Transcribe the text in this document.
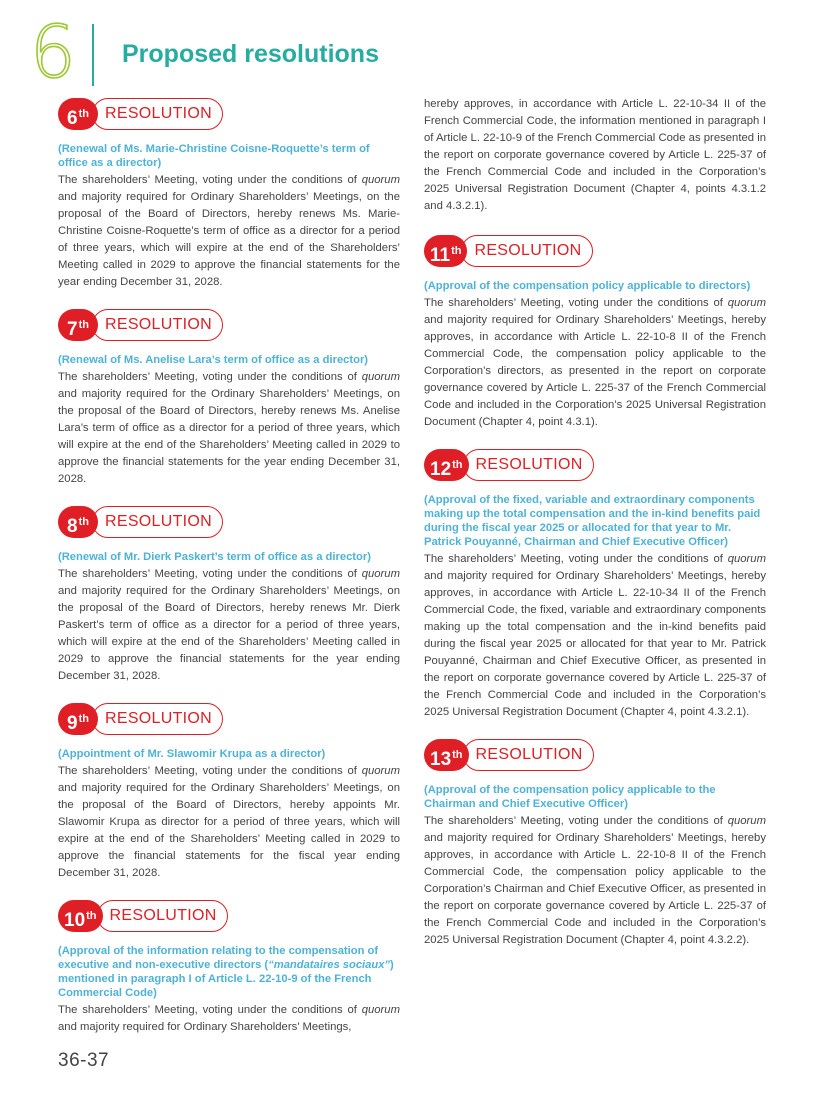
6 Proposed resolutions
6th	RESOLUTION

(Renewal of Ms. Marie-Christine Coisne-Roquette’s term of office as a director)

The shareholders’ Meeting, voting under the conditions of quorum and majority required for Ordinary Shareholders’ Meetings, on the proposal of the Board of Directors, hereby renews Ms. Marie-Christine Coisne-Roquette’s term of office as a director for a period of three years, which will expire at the end of the Shareholders’ Meeting called in 2029 to approve the financial statements for the year ending December 31, 2028.

7th	RESOLUTION

(Renewal of Ms. Anelise Lara’s term of office as a director)

The shareholders’ Meeting, voting under the conditions of quorum and majority required for the Ordinary Shareholders’ Meetings, on the proposal of the Board of Directors, hereby renews Ms. Anelise Lara’s term of office as a director for a period of three years, which will expire at the end of the Shareholders’ Meeting called in 2029 to approve the financial statements for the year ending December 31, 2028.

8th	RESOLUTION

(Renewal of Mr. Dierk Paskert’s term of office as a director)

The shareholders’ Meeting, voting under the conditions of quorum and majority required for the Ordinary Shareholders’ Meetings, on the proposal of the Board of Directors, hereby renews Mr. Dierk Paskert’s term of office as a director for a period of three years, which will expire at the end of the Shareholders’ Meeting called in 2029 to approve the financial statements for the year ending December 31, 2028.

9th	RESOLUTION

(Appointment of Mr. Slawomir Krupa as a director)

The shareholders’ Meeting, voting under the conditions of quorum and majority required for the Ordinary Shareholders’ Meetings, on the proposal of the Board of Directors, hereby appoints Mr. Slawomir Krupa as director for a period of three years, which will expire at the end of the Shareholders’ Meeting called in 2029 to approve the financial statements for the fiscal year ending December 31, 2028.

10th RESOLUTION

(Approval of the information relating to the compensation of executive and non-executive directors (“mandataires sociaux”) mentioned in paragraph I of Article L. 22-10-9 of the French Commercial Code)

The shareholders’ Meeting, voting under the conditions of quorum and majority required for Ordinary Shareholders’ Meetings,

hereby approves, in accordance with Article L. 22-10-34 II of the French Commercial Code, the information mentioned in paragraph I of Article L. 22-10-9 of the French Commercial Code as presented in the report on corporate governance covered by Article L. 225-37 of the French Commercial Code and included in the Corporation’s 2025 Universal Registration Document (Chapter 4, points 4.3.1.2 and 4.3.2.1).

11th RESOLUTION

(Approval of the compensation policy applicable to directors)

The shareholders’ Meeting, voting under the conditions of quorum and majority required for Ordinary Shareholders’ Meetings, hereby approves, in accordance with Article L. 22-10-8 II of the French Commercial Code, the compensation policy applicable to the Corporation’s directors, as presented in the report on corporate governance covered by Article L. 225-37 of the French Commercial Code and included in the Corporation’s 2025 Universal Registration Document (Chapter 4, point 4.3.1).

12th RESOLUTION

(Approval of the fixed, variable and extraordinary components making up the total compensation and the in-kind benefits paid during the fiscal year 2025 or allocated for that year to Mr. Patrick Pouyanné, Chairman and Chief Executive Officer)

The shareholders’ Meeting, voting under the conditions of quorum and majority required for Ordinary Shareholders’ Meetings, hereby approves, in accordance with Article L. 22-10-34 II of the French Commercial Code, the fixed, variable and extraordinary components making up the total compensation and the in-kind benefits paid during the fiscal year 2025 or allocated for that year to Mr. Patrick Pouyanné, Chairman and Chief Executive Officer, as presented in the report on corporate governance covered by Article L. 225-37 of the French Commercial Code and included in the Corporation’s 2025 Universal Registration Document (Chapter 4, point 4.3.2.1).

13th RESOLUTION

(Approval of the compensation policy applicable to the Chairman and Chief Executive Officer)

The shareholders’ Meeting, voting under the conditions of quorum and majority required for Ordinary Shareholders’ Meetings, hereby approves, in accordance with Article L. 22-10-8 II of the French Commercial Code, the compensation policy applicable to the Corporation’s Chairman and Chief Executive Officer, as presented in the report on corporate governance covered by Article L. 225-37 of the French Commercial Code and included in the Corporation’s 2025 Universal Registration Document (Chapter 4, point 4.3.2.2).

36-37
